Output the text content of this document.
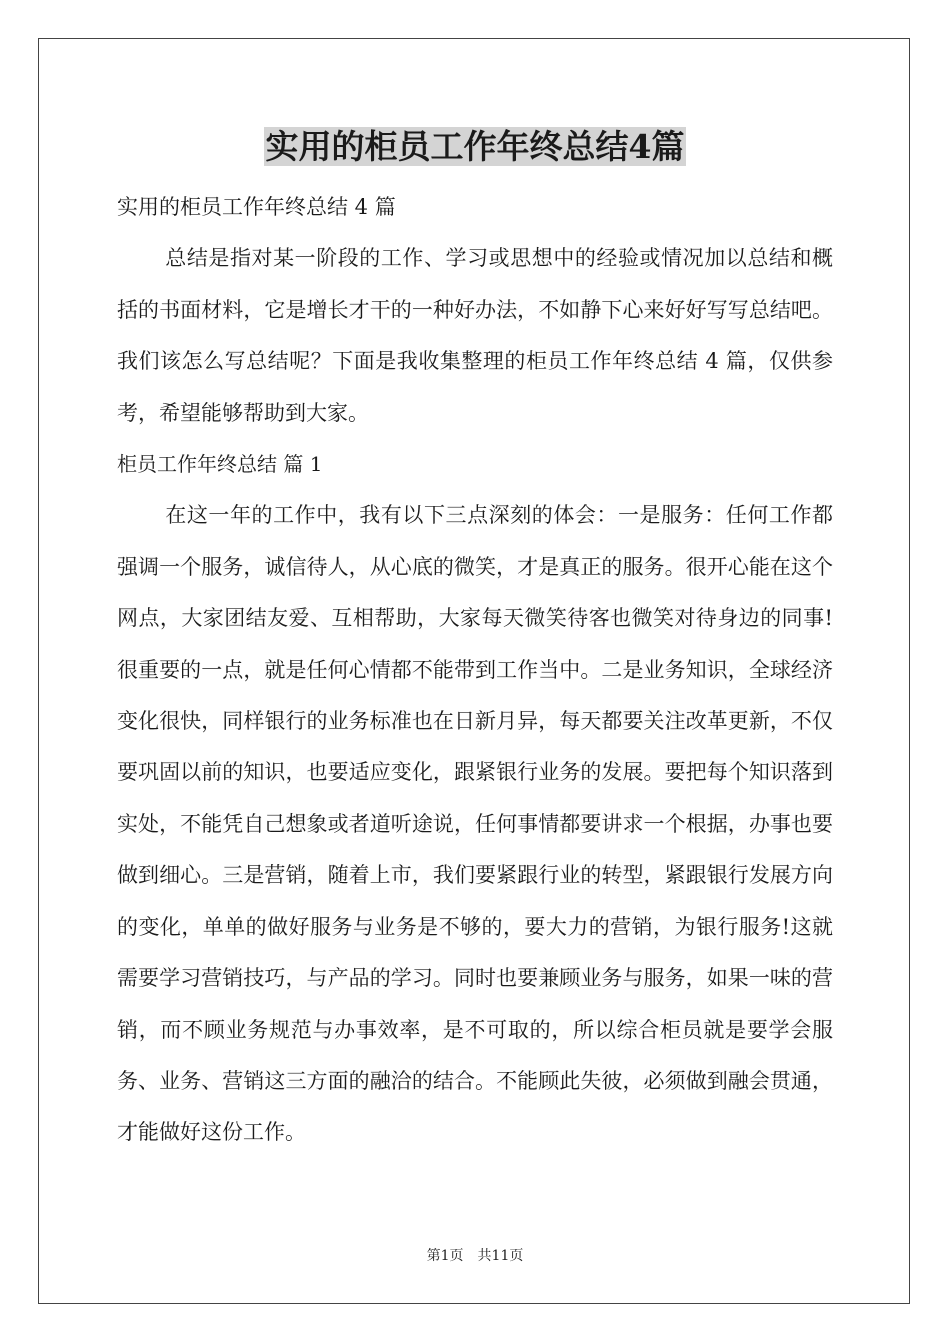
实用的柜员工作年终总结4篇

实用的柜员工作年终总结 4 篇

总结是指对某一阶段的工作、学习或思想中的经验或情况加以总结和概括的书面材料，它是增长才干的一种好办法，不如静下心来好好写写总结吧。我们该怎么写总结呢？下面是我收集整理的柜员工作年终总结 4 篇，仅供参考，希望能够帮助到大家。

柜员工作年终总结 篇 1

在这一年的工作中，我有以下三点深刻的体会：一是服务：任何工作都强调一个服务，诚信待人，从心底的微笑，才是真正的服务。很开心能在这个网点，大家团结友爱、互相帮助，大家每天微笑待客也微笑对待身边的同事!很重要的一点，就是任何心情都不能带到工作当中。二是业务知识，全球经济变化很快，同样银行的业务标准也在日新月异，每天都要关注改革更新，不仅要巩固以前的知识，也要适应变化，跟紧银行业务的发展。要把每个知识落到实处，不能凭自己想象或者道听途说，任何事情都要讲求一个根据，办事也要做到细心。三是营销，随着上市，我们要紧跟行业的转型，紧跟银行发展方向的变化，单单的做好服务与业务是不够的，要大力的营销，为银行服务!这就需要学习营销技巧，与产品的学习。同时也要兼顾业务与服务，如果一味的营销，而不顾业务规范与办事效率，是不可取的，所以综合柜员就是要学会服务、业务、营销这三方面的融洽的结合。不能顾此失彼，必须做到融会贯通，才能做好这份工作。

第1页 共11页
